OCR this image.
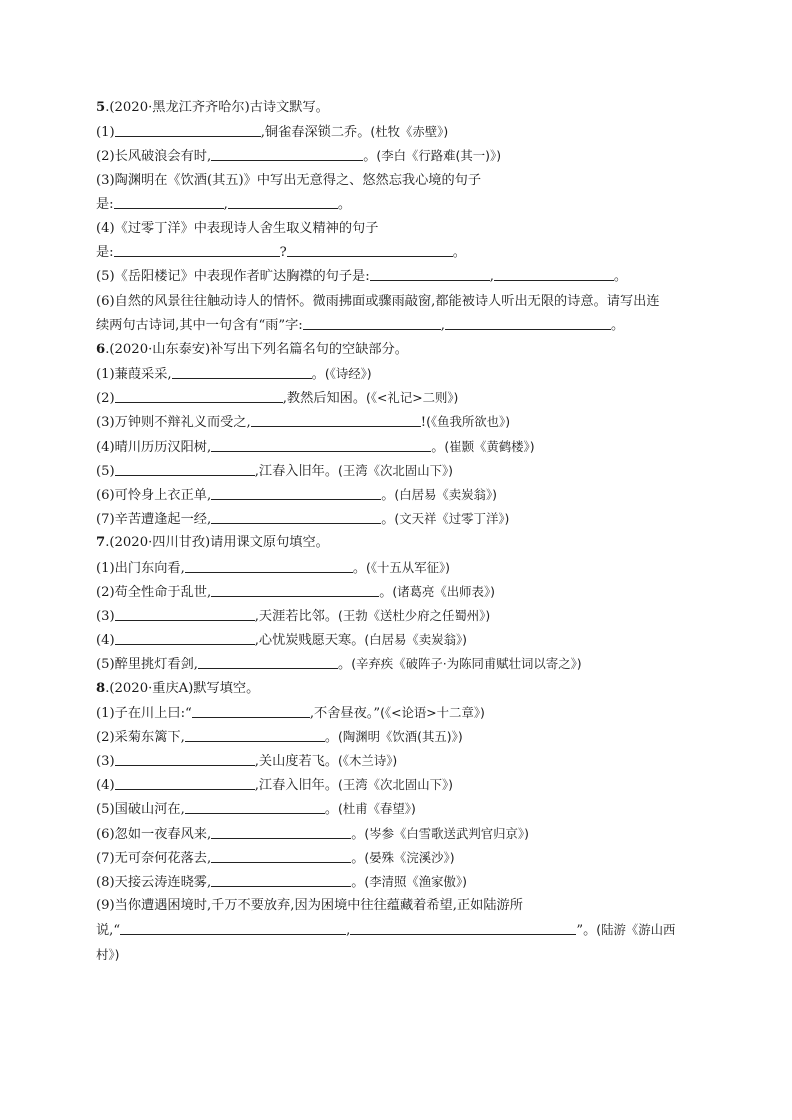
5.(2020·黑龙江齐齐哈尔)古诗文默写。
(1)	,铜雀春深锁二乔。(杜牧《赤壁》)
(2)长风破浪会有时,	。(李白《行路难(其一)》)
(3)陶渊明在《饮酒(其五)》中写出无意得之、悠然忘我心境的句子
是:	,	。
(4)《过零丁洋》中表现诗人舍生取义精神的句子
是:	?	。
(5)《岳阳楼记》中表现作者旷达胸襟的句子是:	,	。
(6)自然的风景往往触动诗人的情怀。微雨拂面或骤雨敲窗,都能被诗人听出无限的诗意。请写出连
续两句古诗词,其中一句含有“雨”字:	,	。
6.(2020·山东泰安)补写出下列名篇名句的空缺部分。
(1)蒹葭采采,	。(《诗经》)
(2)	,教然后知困。(《<礼记>二则》)
(3)万钟则不辩礼义而受之,	!(《鱼我所欲也》)
(4)晴川历历汉阳树,	。(崔颢《黄鹤楼》)
(5)	,江春入旧年。(王湾《次北固山下》)
(6)可怜身上衣正单,	。(白居易《卖炭翁》)
(7)辛苦遭逢起一经,	。(文天祥《过零丁洋》)
7.(2020·四川甘孜)请用课文原句填空。
(1)出门东向看,	。(《十五从军征》)
(2)苟全性命于乱世,	。(诸葛亮《出师表》)
(3)	,天涯若比邻。(王勃《送杜少府之任蜀州》)
(4)	,心忧炭贱愿天寒。(白居易《卖炭翁》)
(5)醉里挑灯看剑,	。(辛弃疾《破阵子·为陈同甫赋壮词以寄之》)
8.(2020·重庆A)默写填空。
(1)子在川上曰:“	,不舍昼夜。”(《<论语>十二章》)
(2)采菊东篱下,	。(陶渊明《饮酒(其五)》)
(3)	,关山度若飞。(《木兰诗》)
(4)	,江春入旧年。(王湾《次北固山下》)
(5)国破山河在,	。(杜甫《春望》)
(6)忽如一夜春风来,	。(岑参《白雪歌送武判官归京》)
(7)无可奈何花落去,	。(晏殊《浣溪沙》)
(8)天接云涛连晓雾,	。(李清照《渔家傲》)
(9)当你遭遇困境时,千万不要放弃,因为困境中往往蕴藏着希望,正如陆游所
说,“	,	”。(陆游《游山西
村》)
